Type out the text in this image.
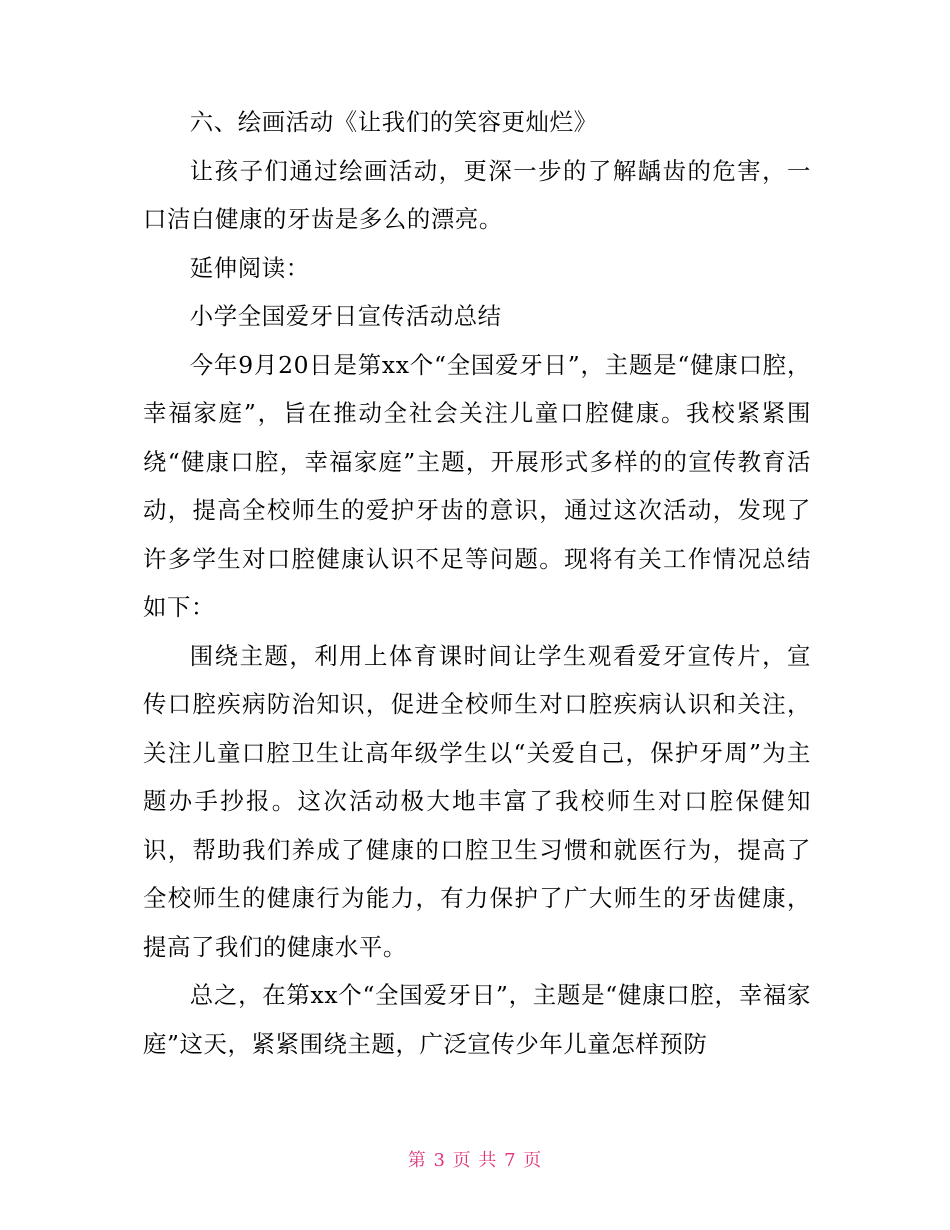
六、绘画活动《让我们的笑容更灿烂》

让孩子们通过绘画活动，更深一步的了解龋齿的危害，一口洁白健康的牙齿是多么的漂亮。

延伸阅读：

小学全国爱牙日宣传活动总结

今年9月20日是第xx个“全国爱牙日”，主题是“健康口腔，幸福家庭”，旨在推动全社会关注儿童口腔健康。我校紧紧围绕“健康口腔，幸福家庭”主题，开展形式多样的的宣传教育活动，提高全校师生的爱护牙齿的意识，通过这次活动，发现了许多学生对口腔健康认识不足等问题。现将有关工作情况总结如下：

围绕主题，利用上体育课时间让学生观看爱牙宣传片，宣传口腔疾病防治知识，促进全校师生对口腔疾病认识和关注，关注儿童口腔卫生让高年级学生以“关爱自己，保护牙周”为主题办手抄报。这次活动极大地丰富了我校师生对口腔保健知识，帮助我们养成了健康的口腔卫生习惯和就医行为，提高了全校师生的健康行为能力，有力保护了广大师生的牙齿健康，提高了我们的健康水平。

总之，在第xx个“全国爱牙日”，主题是“健康口腔，幸福家庭”这天，紧紧围绕主题，广泛宣传少年儿童怎样预防

第 3 页 共 7 页
